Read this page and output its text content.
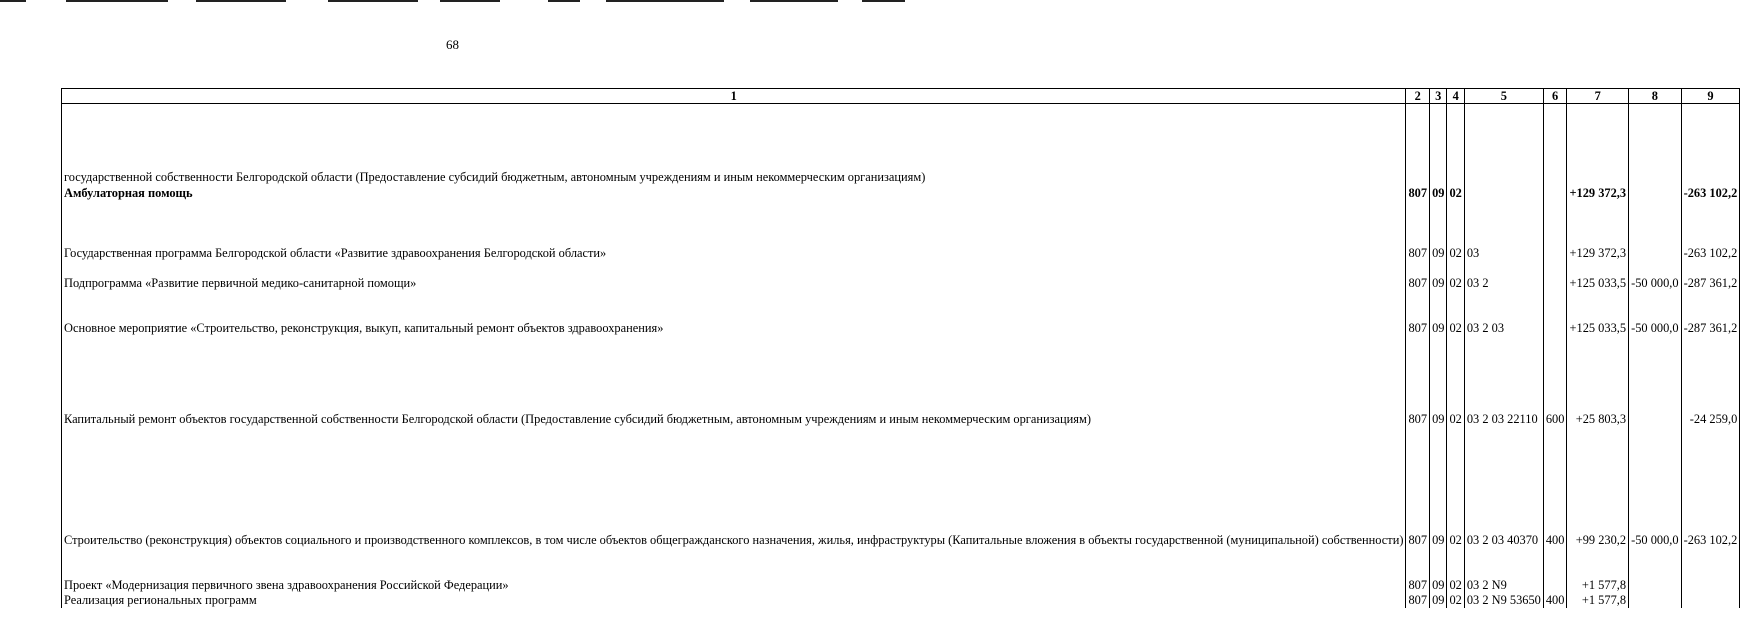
68
1	2	3	4	5	6	7	8	9

государственной собственности Белгородской области (Предоставление субсидий бюджетным, автономным учреждениям и иным некоммерческим организациям)								
Амбулаторная помощь	807	09	02			+129 372,3		-263 102,2
Государственная программа Белгородской области «Развитие здравоохранения Белгородской области»	807	09	02	03		+129 372,3		-263 102,2
Подпрограмма «Развитие первичной медико-санитарной помощи»	807	09	02	03 2		+125 033,5	-50 000,0	-287 361,2
Основное мероприятие «Строительство, реконструкция, выкуп, капитальный ремонт объектов здравоохранения»	807	09	02	03 2 03		+125 033,5	-50 000,0	-287 361,2
Капитальный ремонт объектов государственной собственности Белгородской области (Предоставление субсидий бюджетным, автономным учреждениям и иным некоммерческим организациям)	807	09	02	03 2 03 22110	600	+25 803,3		-24 259,0
Строительство (реконструкция) объектов социального и производственного комплексов, в том числе объектов общегражданского назначения, жилья, инфраструктуры (Капитальные вложения в объекты государственной (муниципальной) собственности)	807	09	02	03 2 03 40370	400	+99 230,2	-50 000,0	-263 102,2
Проект «Модернизация первичного звена здравоохранения Российской Федерации»	807	09	02	03 2 N9		+1 577,8		
Реализация региональных программ	807	09	02	03 2 N9 53650	400	+1 577,8		
